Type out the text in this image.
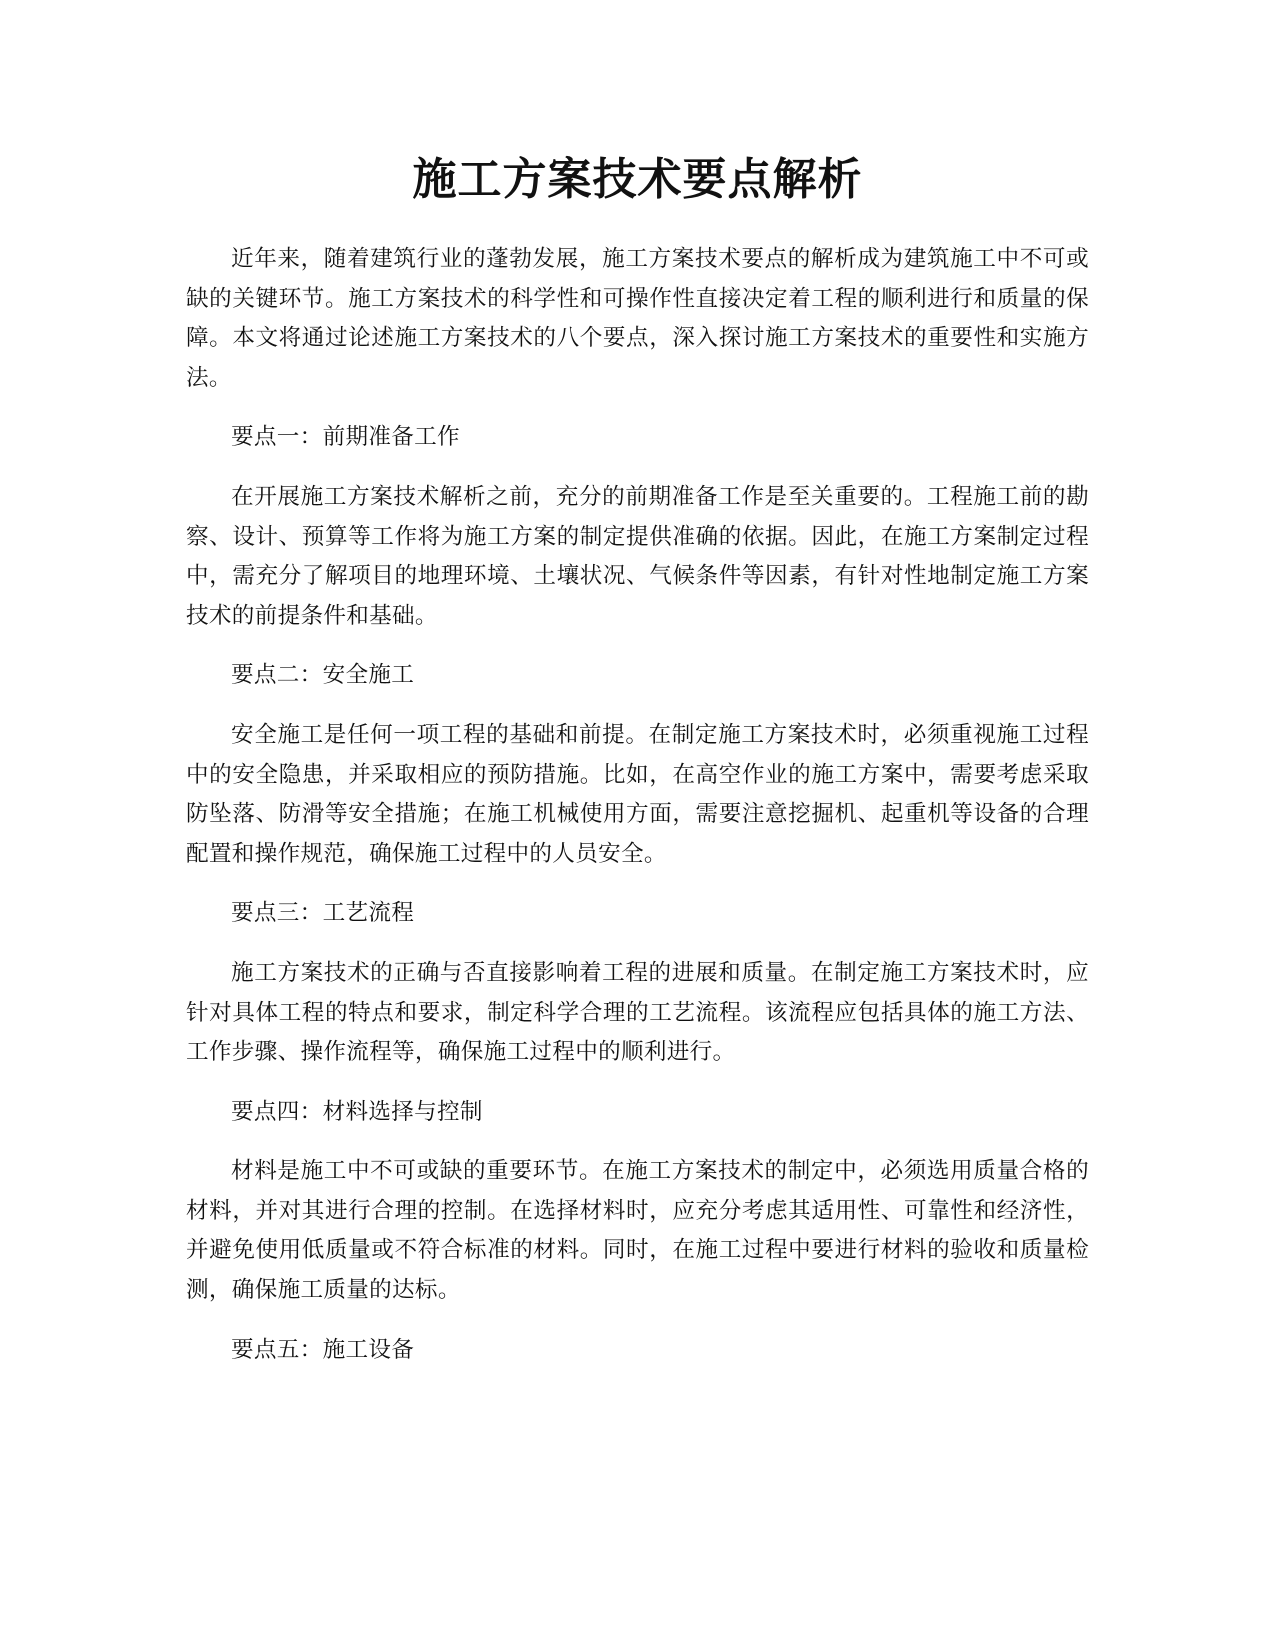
施工方案技术要点解析

近年来，随着建筑行业的蓬勃发展，施工方案技术要点的解析成为建筑施工中不可或缺的关键环节。施工方案技术的科学性和可操作性直接决定着工程的顺利进行和质量的保障。本文将通过论述施工方案技术的八个要点，深入探讨施工方案技术的重要性和实施方法。

要点一：前期准备工作

在开展施工方案技术解析之前，充分的前期准备工作是至关重要的。工程施工前的勘察、设计、预算等工作将为施工方案的制定提供准确的依据。因此，在施工方案制定过程中，需充分了解项目的地理环境、土壤状况、气候条件等因素，有针对性地制定施工方案技术的前提条件和基础。

要点二：安全施工

安全施工是任何一项工程的基础和前提。在制定施工方案技术时，必须重视施工过程中的安全隐患，并采取相应的预防措施。比如，在高空作业的施工方案中，需要考虑采取防坠落、防滑等安全措施；在施工机械使用方面，需要注意挖掘机、起重机等设备的合理配置和操作规范，确保施工过程中的人员安全。

要点三：工艺流程

施工方案技术的正确与否直接影响着工程的进展和质量。在制定施工方案技术时，应针对具体工程的特点和要求，制定科学合理的工艺流程。该流程应包括具体的施工方法、工作步骤、操作流程等，确保施工过程中的顺利进行。

要点四：材料选择与控制

材料是施工中不可或缺的重要环节。在施工方案技术的制定中，必须选用质量合格的材料，并对其进行合理的控制。在选择材料时，应充分考虑其适用性、可靠性和经济性，并避免使用低质量或不符合标准的材料。同时，在施工过程中要进行材料的验收和质量检测，确保施工质量的达标。

要点五：施工设备
